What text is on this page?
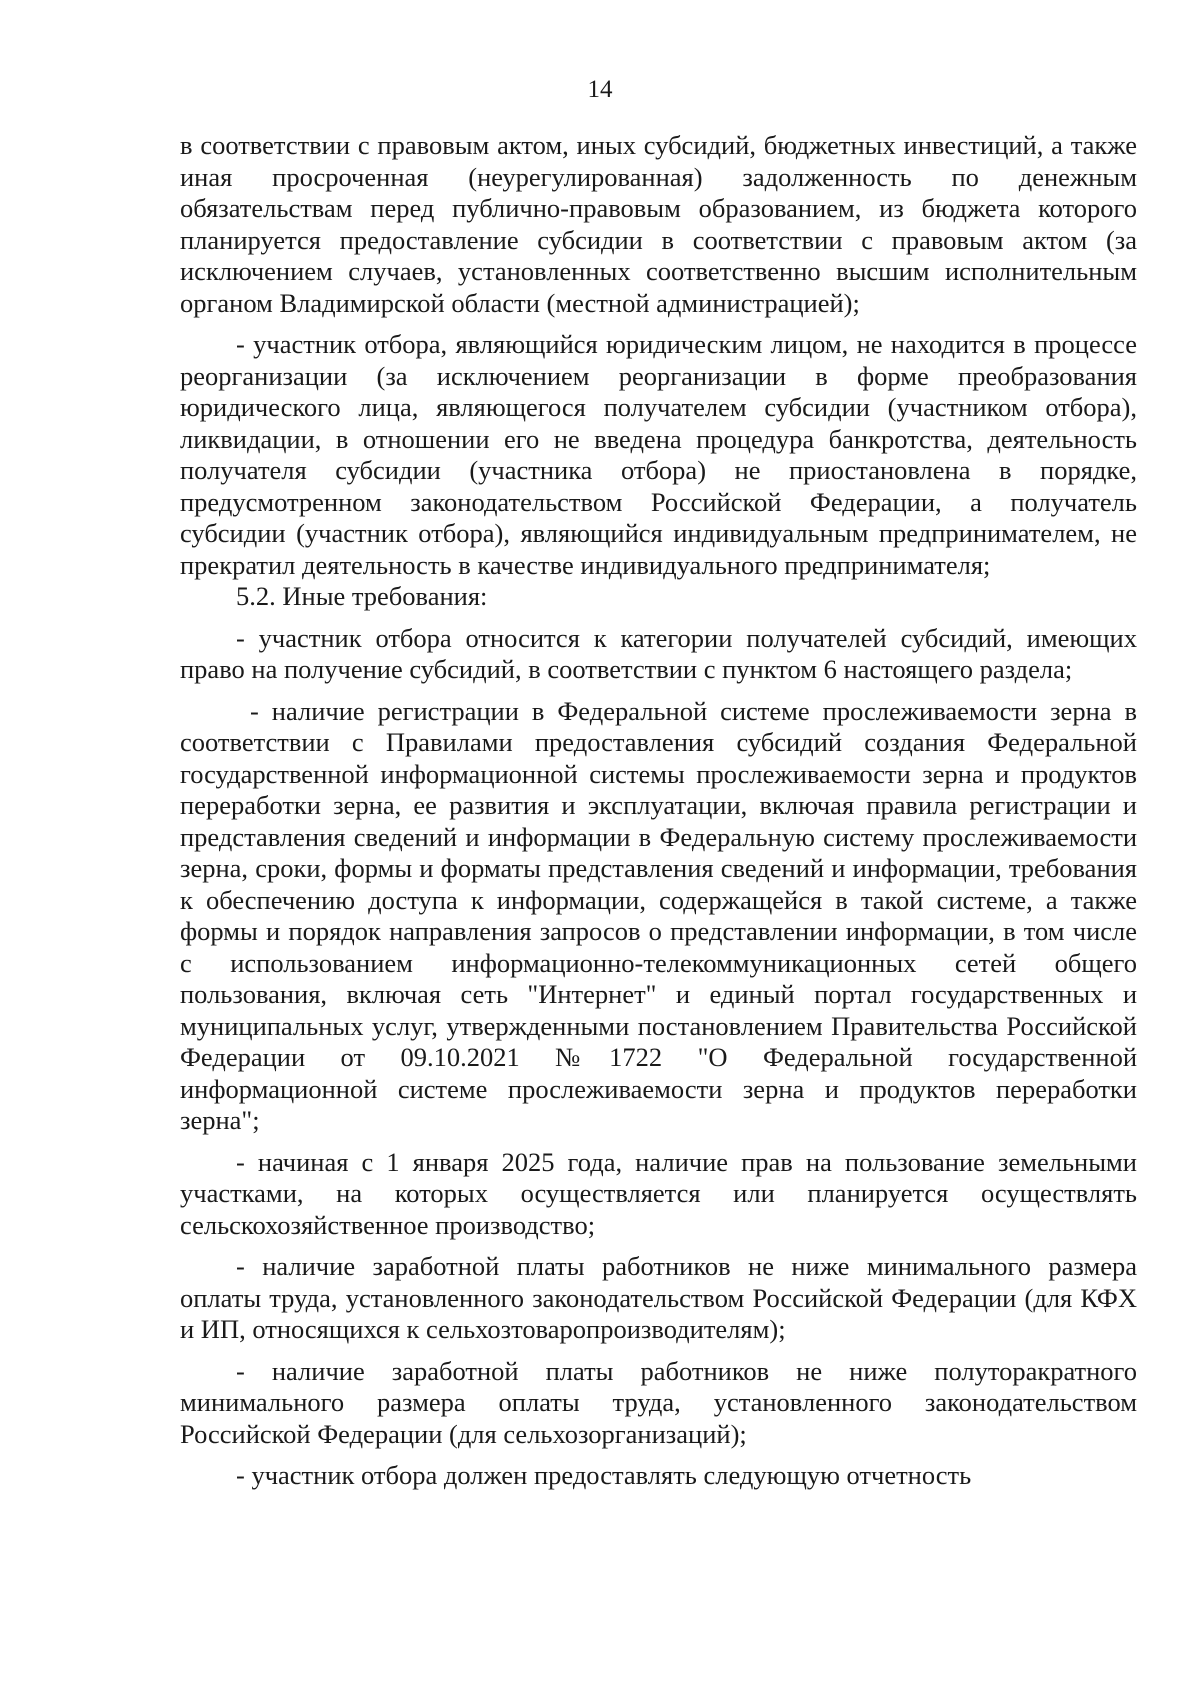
14

в соответствии с правовым актом, иных субсидий, бюджетных инвестиций, а также иная просроченная (неурегулированная) задолженность по денежным обязательствам перед публично-правовым образованием, из бюджета которого планируется предоставление субсидии в соответствии с правовым актом (за исключением случаев, установленных соответственно высшим исполнительным органом Владимирской области (местной администрацией);

- участник отбора, являющийся юридическим лицом, не находится в процессе реорганизации (за исключением реорганизации в форме преобразования юридического лица, являющегося получателем субсидии (участником отбора), ликвидации, в отношении его не введена процедура банкротства, деятельность получателя субсидии (участника отбора) не приостановлена в порядке, предусмотренном законодательством Российской Федерации, а получатель субсидии (участник отбора), являющийся индивидуальным предпринимателем, не прекратил деятельность в качестве индивидуального предпринимателя;

5.2. Иные требования:

- участник отбора относится к категории получателей субсидий, имеющих право на получение субсидий, в соответствии с пунктом 6 настоящего раздела;

- наличие регистрации в Федеральной системе прослеживаемости зерна в соответствии с Правилами предоставления субсидий создания Федеральной государственной информационной системы прослеживаемости зерна и продуктов переработки зерна, ее развития и эксплуатации, включая правила регистрации и представления сведений и информации в Федеральную систему прослеживаемости зерна, сроки, формы и форматы представления сведений и информации, требования к обеспечению доступа к информации, содержащейся в такой системе, а также формы и порядок направления запросов о представлении информации, в том числе с использованием информационно-телекоммуникационных сетей общего пользования, включая сеть "Интернет" и единый портал государственных и муниципальных услуг, утвержденными постановлением Правительства Российской Федерации от 09.10.2021 №1722 "О Федеральной государственной информационной системе прослеживаемости зерна и продуктов переработки зерна";

- начиная с 1 января 2025 года, наличие прав на пользование земельными участками, на которых осуществляется или планируется осуществлять сельскохозяйственное производство;

- наличие заработной платы работников не ниже минимального размера оплаты труда, установленного законодательством Российской Федерации (для КФХ и ИП, относящихся к сельхозтоваропроизводителям);

- наличие заработной платы работников не ниже полуторакратного минимального размера оплаты труда, установленного законодательством Российской Федерации (для сельхозорганизаций);

- участник отбора должен предоставлять следующую отчетность
